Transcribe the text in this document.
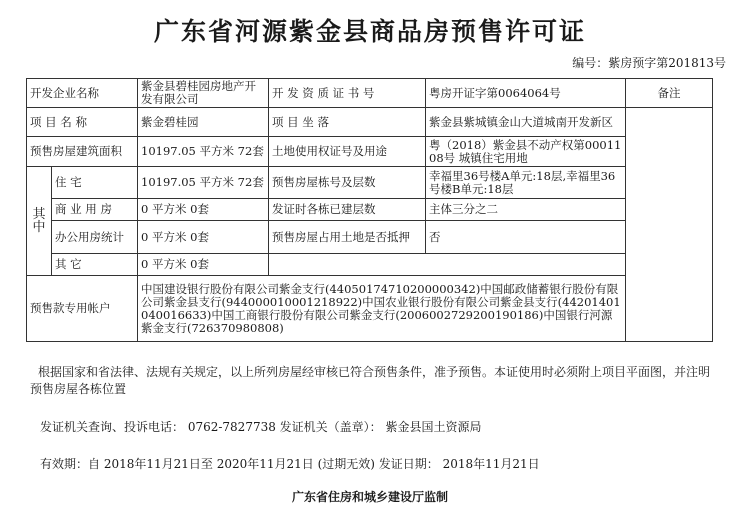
广东省河源紫金县商品房预售许可证
编号：紫房预字第201813号
开发企业名称		紫金县碧桂园房地产开发有限公司	开 发 资 质 证 书 号	粤房开证字第0064064号	备注
项 目 名 称		紫金碧桂园	项 目 坐 落	紫金县紫城镇金山大道城南开发新区	
预售房屋建筑面积		10197.05 平方米 72套	土地使用权证号及用途	粤（2018）紫金县不动产权第0001108号 城镇住宅用地	
其
中	住 宅	10197.05 平方米 72套	预售房屋栋号及层数	幸福里36号楼A单元:18层,幸福里36号楼B单元:18层	
	商 业 用 房	0 平方米 0套	发证时各栋已建层数	主体三分之二	
	办公用房统计	0 平方米 0套	预售房屋占用土地是否抵押	否	
	其 它	0 平方米 0套			
预售款专用帐户		中国建设银行股份有限公司紫金支行(44050174710200000342)中国邮政储蓄银行股份有限公司紫金县支行(944000010001218922)中国农业银行股份有限公司紫金县支行(44201401040016633)中国工商银行股份有限公司紫金支行(2006002729200190186)中国银行河源紫金支行(726370980808)			
根据国家和省法律、法规有关规定，以上所列房屋经审核已符合预售条件，准予预售。本证使用时必须附上项目平面图，并注明预售房屋各栋位置
发证机关查询、投诉电话： 0762-7827738 发证机关（盖章）： 紫金县国土资源局
有效期：自 2018年11月21日至 2020年11月21日 (过期无效) 发证日期： 2018年11月21日
广东省住房和城乡建设厅监制
